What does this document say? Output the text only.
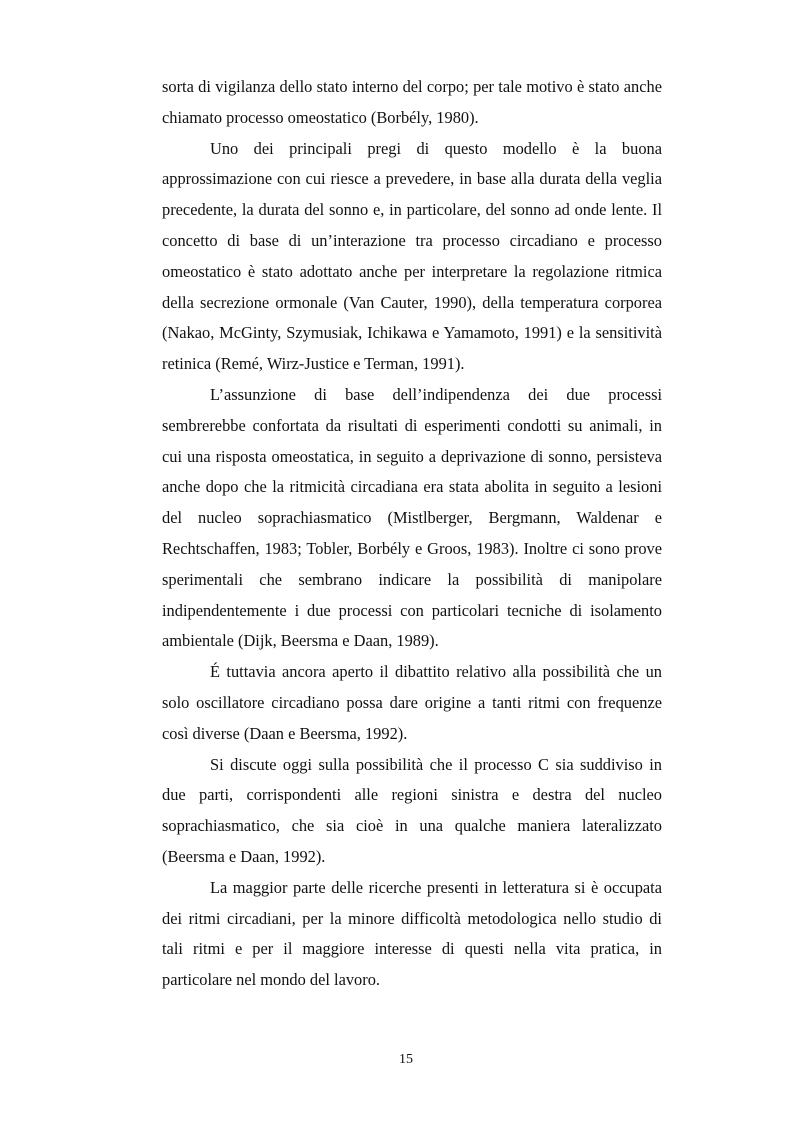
sorta di vigilanza dello stato interno del corpo; per tale motivo è stato anche chiamato processo omeostatico (Borbély, 1980).

Uno dei principali pregi di questo modello è la buona approssimazione con cui riesce a prevedere, in base alla durata della veglia precedente, la durata del sonno e, in particolare, del sonno ad onde lente. Il concetto di base di un’interazione tra processo circadiano e processo omeostatico è stato adottato anche per interpretare la regolazione ritmica della secrezione ormonale (Van Cauter, 1990), della temperatura corporea (Nakao, McGinty, Szymusiak, Ichikawa e Yamamoto, 1991) e la sensitività retinica (Remé, Wirz-Justice e Terman, 1991).

L’assunzione di base dell’indipendenza dei due processi sembrerebbe confortata da risultati di esperimenti condotti su animali, in cui una risposta omeostatica, in seguito a deprivazione di sonno, persisteva anche dopo che la ritmicità circadiana era stata abolita in seguito a lesioni del nucleo soprachiasmatico (Mistlberger, Bergmann, Waldenar e Rechtschaffen, 1983; Tobler, Borbély e Groos, 1983). Inoltre ci sono prove sperimentali che sembrano indicare la possibilità di manipolare indipendentemente i due processi con particolari tecniche di isolamento ambientale (Dijk, Beersma e Daan, 1989).

É tuttavia ancora aperto il dibattito relativo alla possibilità che un solo oscillatore circadiano possa dare origine a tanti ritmi con frequenze così diverse (Daan e Beersma, 1992).

Si discute oggi sulla possibilità che il processo C sia suddiviso in due parti, corrispondenti alle regioni sinistra e destra del nucleo soprachiasmatico, che sia cioè in una qualche maniera lateralizzato (Beersma e Daan, 1992).

La maggior parte delle ricerche presenti in letteratura si è occupata dei ritmi circadiani, per la minore difficoltà metodologica nello studio di tali ritmi e per il maggiore interesse di questi nella vita pratica, in particolare nel mondo del lavoro.

15
